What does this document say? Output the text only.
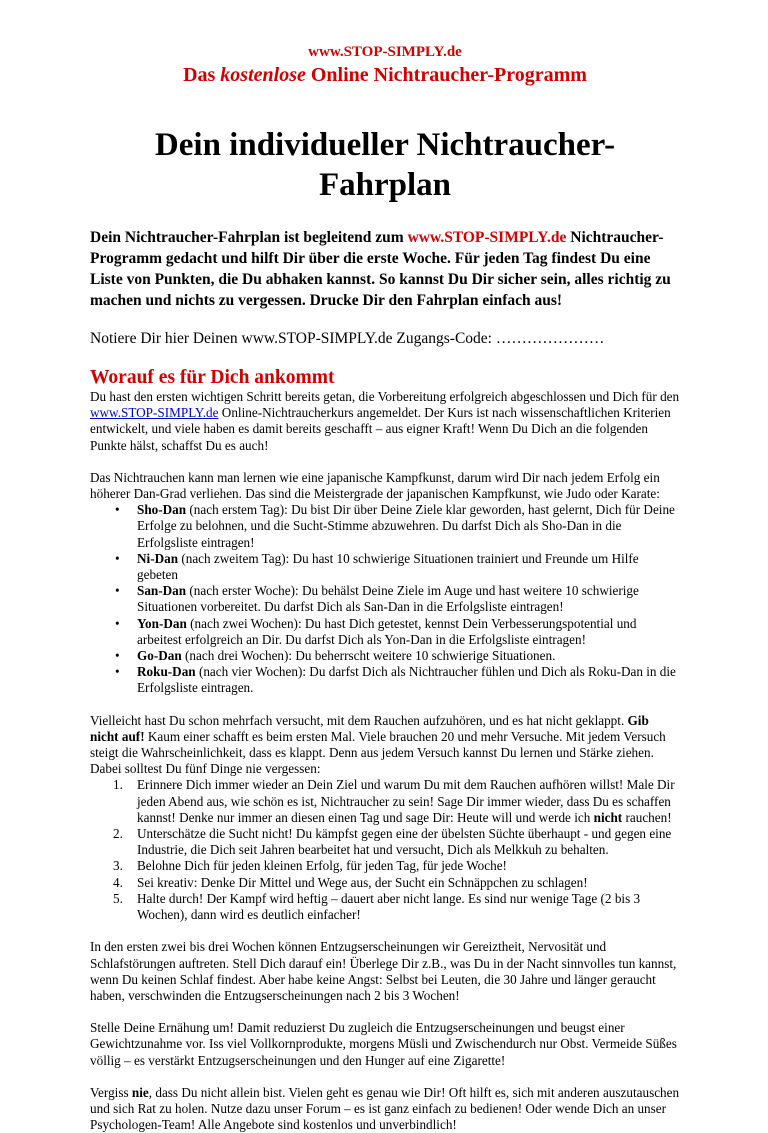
www.STOP-SIMPLY.de
Das kostenlose Online Nichtraucher-Programm
Dein individueller Nichtraucher-Fahrplan

Dein Nichtraucher-Fahrplan ist begleitend zum www.STOP-SIMPLY.de Nichtraucher-Programm gedacht und hilft Dir über die erste Woche. Für jeden Tag findest Du eine Liste von Punkten, die Du abhaken kannst. So kannst Du Dir sicher sein, alles richtig zu machen und nichts zu vergessen. Drucke Dir den Fahrplan einfach aus!

Notiere Dir hier Deinen www.STOP-SIMPLY.de Zugangs-Code: …………………

Worauf es für Dich ankommt

Du hast den ersten wichtigen Schritt bereits getan, die Vorbereitung erfolgreich abgeschlossen und Dich für den www.STOP-SIMPLY.de Online-Nichtraucherkurs angemeldet. Der Kurs ist nach wissenschaftlichen Kriterien entwickelt, und viele haben es damit bereits geschafft – aus eigner Kraft! Wenn Du Dich an die folgenden Punkte hälst, schaffst Du es auch!

Das Nichtrauchen kann man lernen wie eine japanische Kampfkunst, darum wird Dir nach jedem Erfolg ein höherer Dan-Grad verliehen. Das sind die Meistergrade der japanischen Kampfkunst, wie Judo oder Karate:

• Sho-Dan (nach erstem Tag): Du bist Dir über Deine Ziele klar geworden, hast gelernt, Dich für Deine Erfolge zu belohnen, und die Sucht-Stimme abzuwehren. Du darfst Dich als Sho-Dan in die Erfolgsliste eintragen!
• Ni-Dan (nach zweitem Tag): Du hast 10 schwierige Situationen trainiert und Freunde um Hilfe gebeten
• San-Dan (nach erster Woche): Du behälst Deine Ziele im Auge und hast weitere 10 schwierige Situationen vorbereitet. Du darfst Dich als San-Dan in die Erfolgsliste eintragen!
• Yon-Dan (nach zwei Wochen): Du hast Dich getestet, kennst Dein Verbesserungspotential und arbeitest erfolgreich an Dir. Du darfst Dich als Yon-Dan in die Erfolgsliste eintragen!
• Go-Dan (nach drei Wochen): Du beherrscht weitere 10 schwierige Situationen.
• Roku-Dan (nach vier Wochen): Du darfst Dich als Nichtraucher fühlen und Dich als Roku-Dan in die Erfolgsliste eintragen.

Vielleicht hast Du schon mehrfach versucht, mit dem Rauchen aufzuhören, und es hat nicht geklappt. Gib nicht auf! Kaum einer schafft es beim ersten Mal. Viele brauchen 20 und mehr Versuche. Mit jedem Versuch steigt die Wahrscheinlichkeit, dass es klappt. Denn aus jedem Versuch kannst Du lernen und Stärke ziehen. Dabei solltest Du fünf Dinge nie vergessen:

1. Erinnere Dich immer wieder an Dein Ziel und warum Du mit dem Rauchen aufhören willst! Male Dir jeden Abend aus, wie schön es ist, Nichtraucher zu sein! Sage Dir immer wieder, dass Du es schaffen kannst! Denke nur immer an diesen einen Tag und sage Dir: Heute will und werde ich nicht rauchen!
2. Unterschätze die Sucht nicht! Du kämpfst gegen eine der übelsten Süchte überhaupt - und gegen eine Industrie, die Dich seit Jahren bearbeitet hat und versucht, Dich als Melkkuh zu behalten.
3. Belohne Dich für jeden kleinen Erfolg, für jeden Tag, für jede Woche!
4. Sei kreativ: Denke Dir Mittel und Wege aus, der Sucht ein Schnäppchen zu schlagen!
5. Halte durch! Der Kampf wird heftig – dauert aber nicht lange. Es sind nur wenige Tage (2 bis 3 Wochen), dann wird es deutlich einfacher!

In den ersten zwei bis drei Wochen können Entzugserscheinungen wir Gereiztheit, Nervosität und Schlafstörungen auftreten. Stell Dich darauf ein! Überlege Dir z.B., was Du in der Nacht sinnvolles tun kannst, wenn Du keinen Schlaf findest. Aber habe keine Angst: Selbst bei Leuten, die 30 Jahre und länger geraucht haben, verschwinden die Entzugserscheinungen nach 2 bis 3 Wochen!

Stelle Deine Ernähung um! Damit reduzierst Du zugleich die Entzugserscheinungen und beugst einer Gewichtzunahme vor. Iss viel Vollkornprodukte, morgens Müsli und Zwischendurch nur Obst. Vermeide Süßes völlig – es verstärkt Entzugserscheinungen und den Hunger auf eine Zigarette!

Vergiss nie, dass Du nicht allein bist. Vielen geht es genau wie Dir! Oft hilft es, sich mit anderen auszutauschen und sich Rat zu holen. Nutze dazu unser Forum – es ist ganz einfach zu bedienen! Oder wende Dich an unser Psychologen-Team! Alle Angebote sind kostenlos und unverbindlich!
